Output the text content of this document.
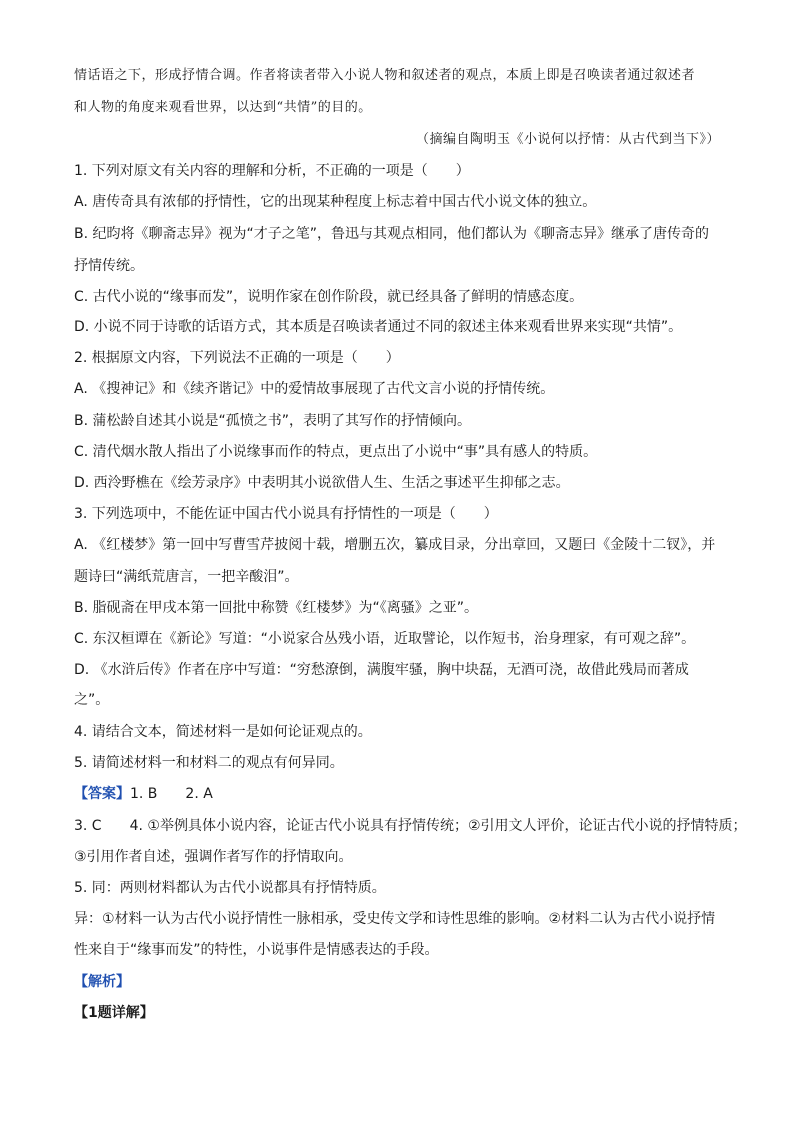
情话语之下，形成抒情合调。作者将读者带入小说人物和叙述者的观点，本质上即是召唤读者通过叙述者
和人物的角度来观看世界，以达到“共情”的目的。
（摘编自陶明玉《小说何以抒情：从古代到当下》）
1. 下列对原文有关内容的理解和分析，不正确的一项是（　　）
A. 唐传奇具有浓郁的抒情性，它的出现某种程度上标志着中国古代小说文体的独立。
B. 纪昀将《聊斋志异》视为“才子之笔”，鲁迅与其观点相同，他们都认为《聊斋志异》继承了唐传奇的
抒情传统。
C. 古代小说的“缘事而发”，说明作家在创作阶段，就已经具备了鲜明的情感态度。
D. 小说不同于诗歌的话语方式，其本质是召唤读者通过不同的叙述主体来观看世界来实现“共情”。
2. 根据原文内容，下列说法不正确的一项是（　　）
A. 《搜神记》和《续齐谐记》中的爱情故事展现了古代文言小说的抒情传统。
B. 蒲松龄自述其小说是“孤愤之书”，表明了其写作的抒情倾向。
C. 清代烟水散人指出了小说缘事而作的特点，更点出了小说中“事”具有感人的特质。
D. 西泠野樵在《绘芳录序》中表明其小说欲借人生、生活之事述平生抑郁之志。
3. 下列选项中，不能佐证中国古代小说具有抒情性的一项是（　　）
A. 《红楼梦》第一回中写曹雪芹披阅十载，增删五次，纂成目录，分出章回，又题曰《金陵十二钗》，并
题诗曰“满纸荒唐言，一把辛酸泪”。
B. 脂砚斋在甲戌本第一回批中称赞《红楼梦》为“《离骚》之亚”。
C. 东汉桓谭在《新论》写道：“小说家合丛残小语，近取譬论，以作短书，治身理家，有可观之辞”。
D. 《水浒后传》作者在序中写道：“穷愁潦倒，满腹牢骚，胸中块磊，无酒可浇，故借此残局而著成
之”。
4. 请结合文本，简述材料一是如何论证观点的。
5. 请简述材料一和材料二的观点有何异同。
【答案】1. B　　2. A
3. C　　4. ①举例具体小说内容，论证古代小说具有抒情传统；②引用文人评价，论证古代小说的抒情特质；
③引用作者自述，强调作者写作的抒情取向。
5. 同：两则材料都认为古代小说都具有抒情特质。
异：①材料一认为古代小说抒情性一脉相承，受史传文学和诗性思维的影响。②材料二认为古代小说抒情
性来自于“缘事而发”的特性，小说事件是情感表达的手段。
【解析】
【1题详解】
